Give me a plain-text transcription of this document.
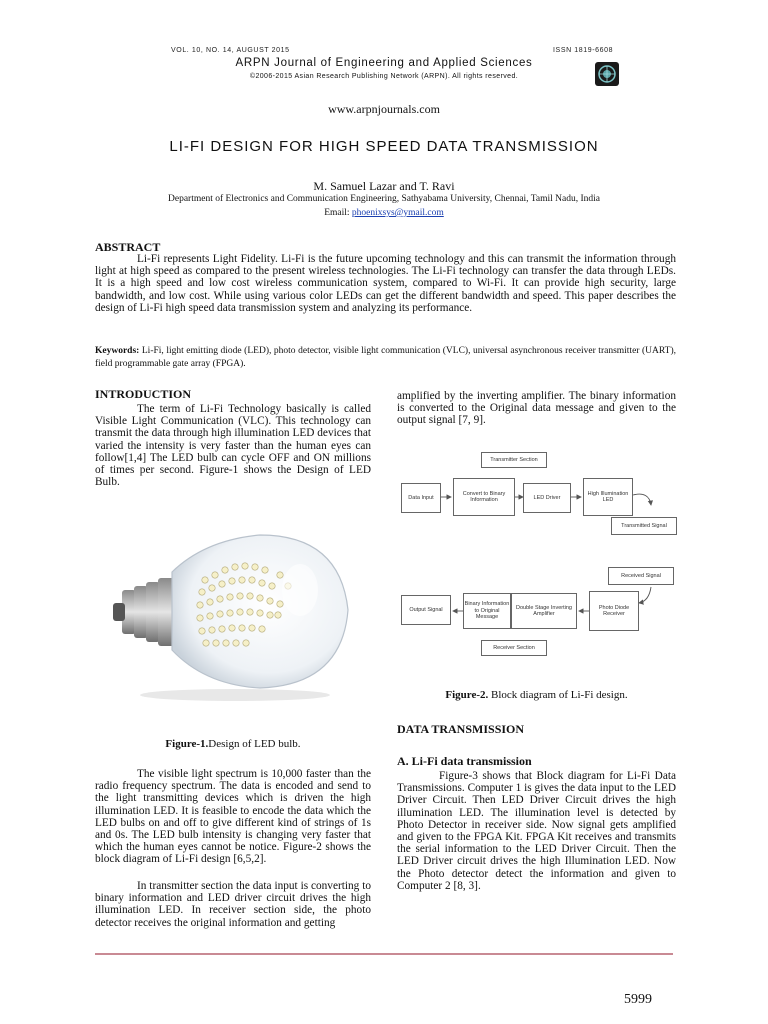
VOL. 10, NO. 14, AUGUST 2015	ISSN 1819-6608
ARPN Journal of Engineering and Applied Sciences
©2006-2015 Asian Research Publishing Network (ARPN). All rights reserved.
www.arpnjournals.com
LI-FI DESIGN FOR HIGH SPEED DATA TRANSMISSION
M. Samuel Lazar and T. Ravi
Department of Electronics and Communication Engineering, Sathyabama University, Chennai, Tamil Nadu, India
Email: phoenixsys@ymail.com
ABSTRACT
Li-Fi represents Light Fidelity. Li-Fi is the future upcoming technology and this can transmit the information through light at high speed as compared to the present wireless technologies. The Li-Fi technology can transfer the data through LEDs. It is a high speed and low cost wireless communication system, compared to Wi-Fi. It can provide high security, large bandwidth, and low cost. While using various color LEDs can get the different bandwidth and speed. This paper describes the design of Li-Fi high speed data transmission system and analyzing its performance.
Keywords: Li-Fi, light emitting diode (LED), photo detector, visible light communication (VLC), universal asynchronous receiver transmitter (UART), field programmable gate array (FPGA).
INTRODUCTION
The term of Li-Fi Technology basically is called Visible Light Communication (VLC). This technology can transmit the data through high illumination LED devices that varied the intensity is very faster than the human eyes can follow[1,4] The LED bulb can cycle OFF and ON millions of times per second. Figure-1 shows the Design of LED Bulb.
Figure-1.Design of LED bulb.
The visible light spectrum is 10,000 faster than the radio frequency spectrum. The data is encoded and send to the light transmitting devices which is driven the high illumination LED. It is feasible to encode the data which the LED bulbs on and off to give different kind of strings of 1s and 0s. The LED bulb intensity is changing very faster that which the human eyes cannot be notice. Figure-2 shows the block diagram of Li-Fi design [6,5,2].
In transmitter section the data input is converting to binary information and LED driver circuit drives the high illumination LED. In receiver section side, the photo detector receives the original information and getting
amplified by the inverting amplifier. The binary information is converted to the Original data message and given to the output signal [7, 9].
Transmitter Section
Data Input
Convert to Binary Information	LED Driver
High Illumination LED
Transmitted Signal
Received Signal
Photo Diode Receiver
Double Stage Inverting Amplifier
Binary Information to Original Message
Output Signal
Receiver Section
Figure-2. Block diagram of Li-Fi design.
DATA TRANSMISSION
A. Li-Fi data transmission
Figure-3 shows that Block diagram for Li-Fi Data Transmissions. Computer 1 is gives the data input to the LED Driver Circuit. Then LED Driver Circuit drives the high illumination LED. The illumination level is detected by Photo Detector in receiver side. Now signal gets amplified and given to the FPGA Kit. FPGA Kit receives and transmits the serial information to the LED Driver Circuit. Then the LED Driver circuit drives the high Illumination LED. Now the Photo detector detect the information and given to Computer 2 [8, 3].
5999
